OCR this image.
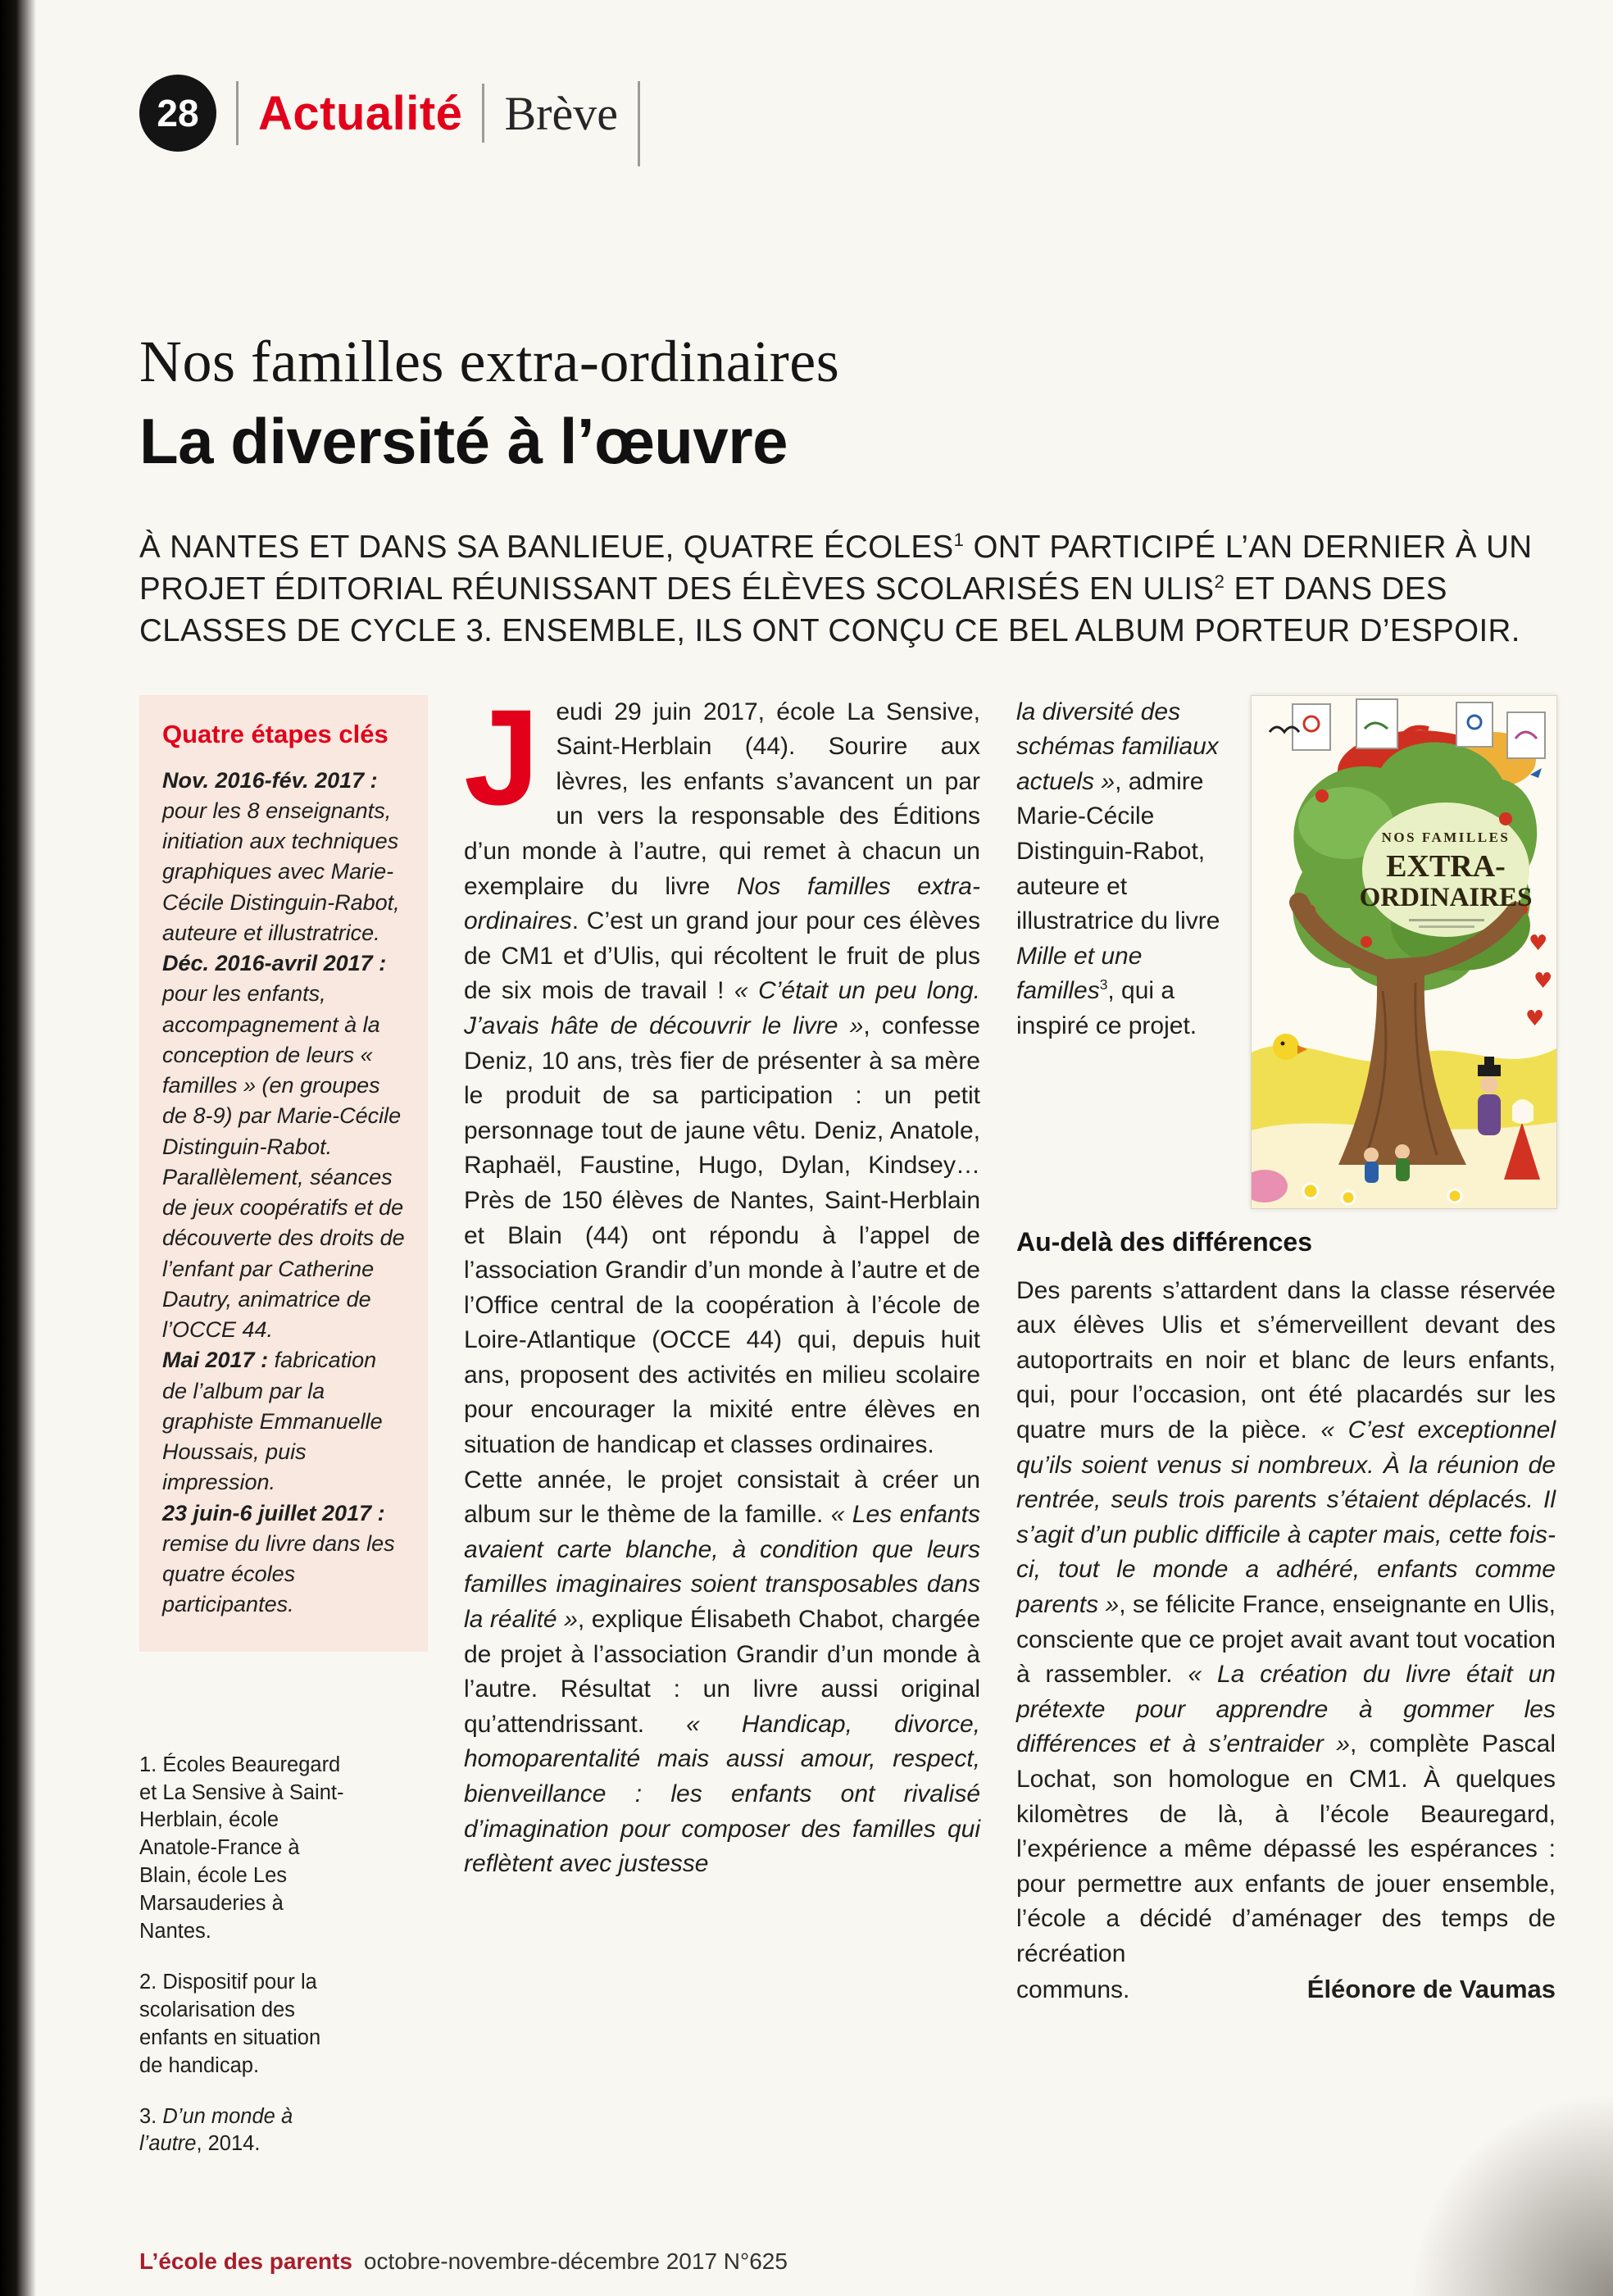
28 Actualité Brève
Nos familles extra-ordinaires
La diversité à l’œuvre

À NANTES ET DANS SA BANLIEUE, QUATRE ÉCOLES$^1$ ONT PARTICIPÉ L’AN DERNIER À UN PROJET ÉDITORIAL RÉUNISSANT DES ÉLÈVES SCOLARISÉS EN ULIS$^2$ ET DANS DES CLASSES DE CYCLE 3. ENSEMBLE, ILS ONT CONÇU CE BEL ALBUM PORTEUR D’ESPOIR.

Quatre étapes clés

Nov. 2016-fév. 2017 : pour les 8 enseignants, initiation aux techniques graphiques avec Marie-Cécile Distinguin-Rabot, auteure et illustratrice.

Déc. 2016-avril 2017 : pour les enfants, accompagnement à la conception de leurs « familles » (en groupes de 8-9) par Marie-Cécile Distinguin-Rabot. Parallèlement, séances de jeux coopératifs et de découverte des droits de l’enfant par Catherine Dautry, animatrice de l’OCCE 44.

Mai 2017 : fabrication de l’album par la graphiste Emmanuelle Houssais, puis impression.

23 juin-6 juillet 2017 : remise du livre dans les quatre écoles participantes.

1. Écoles Beauregard et La Sensive à Saint-Herblain, école Anatole-France à Blain, école Les Marsauderies à Nantes.

2. Dispositif pour la scolarisation des enfants en situation de handicap.

3. D’un monde à l’autre, 2014.

Jeudi 29 juin 2017, école La Sensive, Saint-Herblain (44). Sourire aux lèvres, les enfants s’avancent un par un vers la responsable des Éditions d’un monde à l’autre, qui remet à chacun un exemplaire du livre Nos familles extra-ordinaires. C’est un grand jour pour ces élèves de CM1 et d’Ulis, qui récoltent le fruit de plus de six mois de travail ! « C’était un peu long. J’avais hâte de découvrir le livre », confesse Deniz, 10 ans, très fier de présenter à sa mère le produit de sa participation : un petit personnage tout de jaune vêtu. Deniz, Anatole, Raphaël, Faustine, Hugo, Dylan, Kindsey… Près de 150 élèves de Nantes, Saint-Herblain et Blain (44) ont répondu à l’appel de l’association Grandir d’un monde à l’autre et de l’Office central de la coopération à l’école de Loire-Atlantique (OCCE 44) qui, depuis huit ans, proposent des activités en milieu scolaire pour encourager la mixité entre élèves en situation de handicap et classes ordinaires.

Cette année, le projet consistait à créer un album sur le thème de la famille. « Les enfants avaient carte blanche, à condition que leurs familles imaginaires soient transposables dans la réalité », explique Élisabeth Chabot, chargée de projet à l’association Grandir d’un monde à l’autre. Résultat : un livre aussi original qu’attendrissant. « Handicap, divorce, homoparentalité mais aussi amour, respect, bienveillance : les enfants ont rivalisé d’imagination pour composer des familles qui reflètent avec justesse

la diversité des schémas familiaux actuels », admire Marie-Cécile Distinguin-Rabot, auteure et illustratrice du livre Mille et une familles$^3$, qui a inspiré ce projet.
NOS FAMILLES
EXTRA-
ORDINAIRES
♥
♥
♥
Au-delà des différences

Des parents s’attardent dans la classe réservée aux élèves Ulis et s’émerveillent devant des autoportraits en noir et blanc de leurs enfants, qui, pour l’occasion, ont été placardés sur les quatre murs de la pièce. « C’est exceptionnel qu’ils soient venus si nombreux. À la réunion de rentrée, seuls trois parents s’étaient déplacés. Il s’agit d’un public difficile à capter mais, cette fois-ci, tout le monde a adhéré, enfants comme parents », se félicite France, enseignante en Ulis, consciente que ce projet avait avant tout vocation à rassembler. « La création du livre était un prétexte pour apprendre à gommer les différences et à s’entraider », complète Pascal Lochat, son homologue en CM1. À quelques kilomètres de là, à l’école Beauregard, l’expérience a même dépassé les espérances : pour permettre aux enfants de jouer ensemble, l’école a décidé d’aménager des temps de récréation

communs.	Éléonore de Vaumas
L’école des parents octobre-novembre-décembre 2017 N°625
